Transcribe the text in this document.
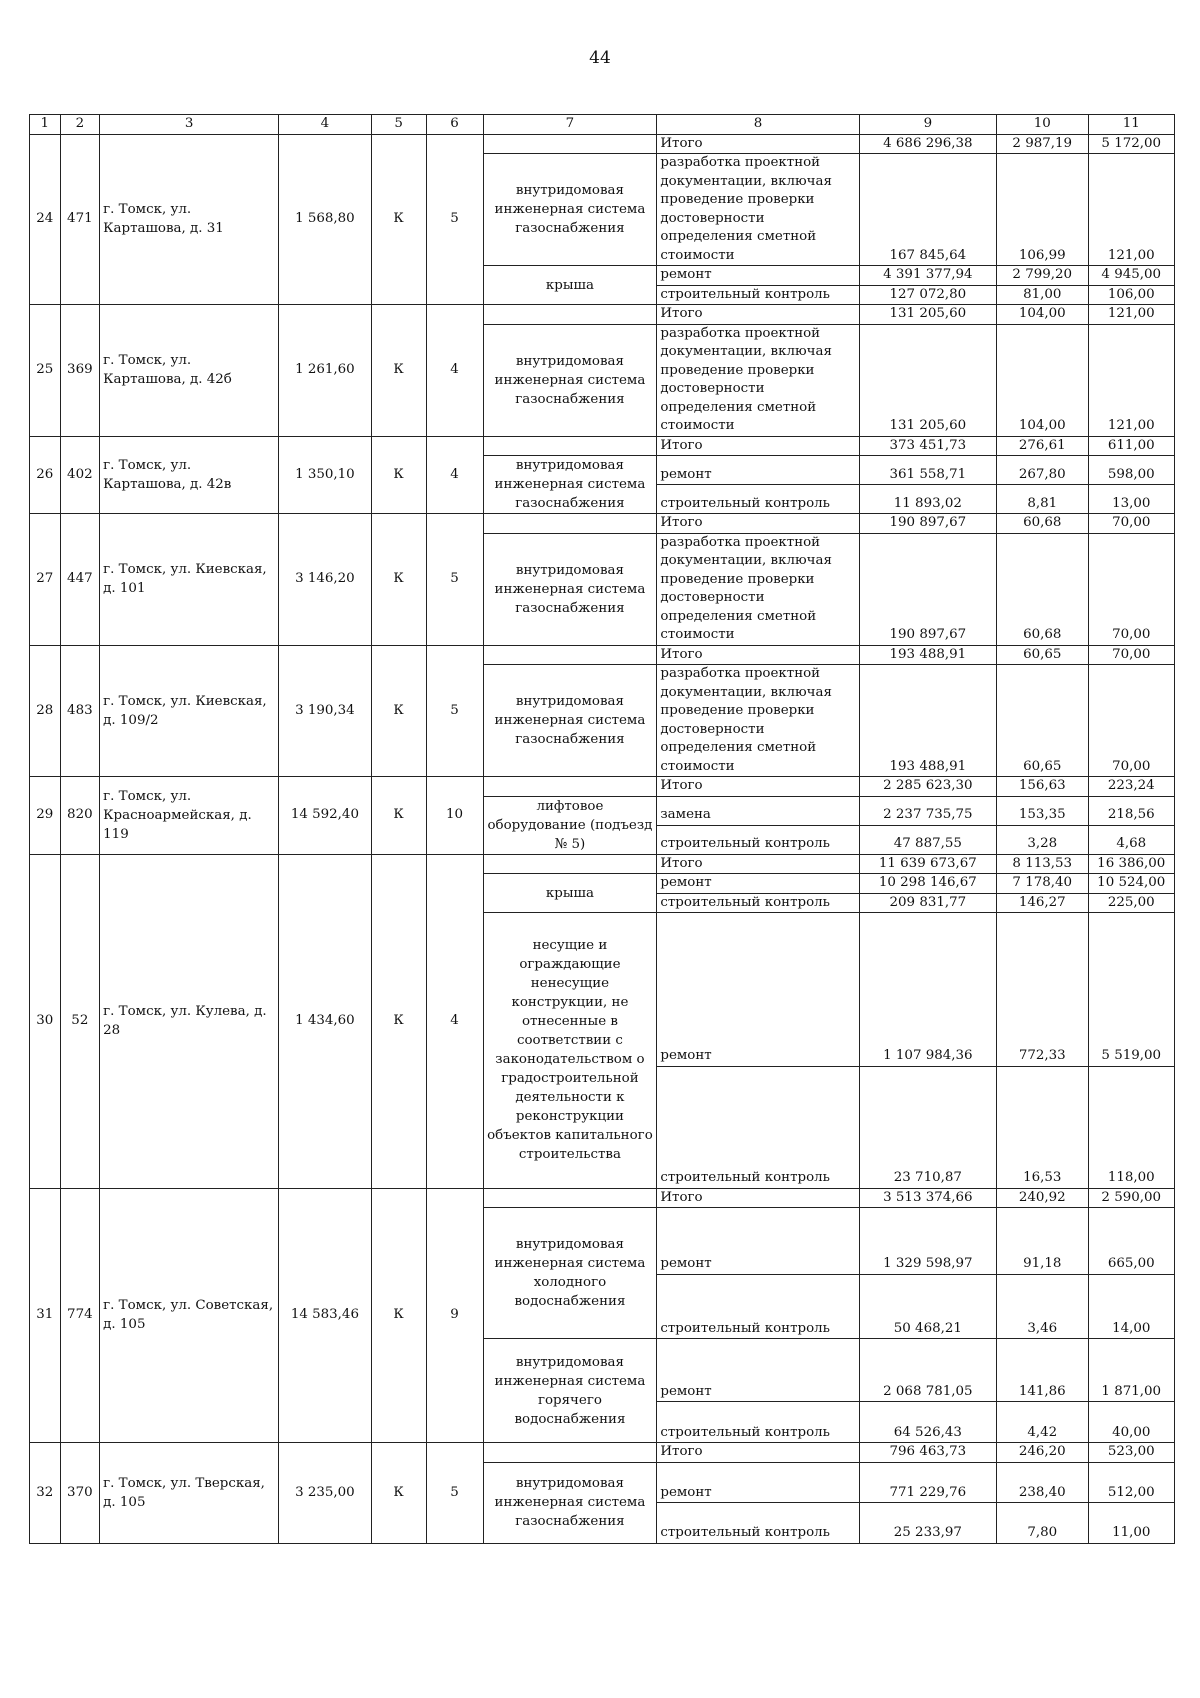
44
1	2	3	4	5	6	7	8	9	10	11
24	471	г. Томск, ул. Карташова, д. 31	1 568,80	К	5		Итого	4 686 296,38	2 987,19	5 172,00
						внутридомовая инженерная система газоснабжения	разработка проектной документации, включая проведение проверки достоверности определения сметной стоимости	167 845,64	106,99	121,00
						крыша	ремонт	4 391 377,94	2 799,20	4 945,00
							строительный контроль	127 072,80	81,00	106,00
25	369	г. Томск, ул. Карташова, д. 42б	1 261,60	К	4		Итого	131 205,60	104,00	121,00
						внутридомовая инженерная система газоснабжения	разработка проектной документации, включая проведение проверки достоверности определения сметной стоимости	131 205,60	104,00	121,00
26	402	г. Томск, ул. Карташова, д. 42в	1 350,10	К	4		Итого	373 451,73	276,61	611,00
						внутридомовая инженерная система газоснабжения	ремонт	361 558,71	267,80	598,00
							строительный контроль	11 893,02	8,81	13,00
27	447	г. Томск, ул. Киевская, д. 101	3 146,20	К	5		Итого	190 897,67	60,68	70,00
						внутридомовая инженерная система газоснабжения	разработка проектной документации, включая проведение проверки достоверности определения сметной стоимости	190 897,67	60,68	70,00
28	483	г. Томск, ул. Киевская, д. 109/2	3 190,34	К	5		Итого	193 488,91	60,65	70,00
						внутридомовая инженерная система газоснабжения	разработка проектной документации, включая проведение проверки достоверности определения сметной стоимости	193 488,91	60,65	70,00
29	820	г. Томск, ул. Красноармейская, д. 119	14 592,40	К	10		Итого	2 285 623,30	156,63	223,24
						лифтовое оборудование (подъезд № 5)	замена	2 237 735,75	153,35	218,56
							строительный контроль	47 887,55	3,28	4,68
30	52	г. Томск, ул. Кулева, д. 28	1 434,60	К	4		Итого	11 639 673,67	8 113,53	16 386,00
						крыша	ремонт	10 298 146,67	7 178,40	10 524,00
							строительный контроль	209 831,77	146,27	225,00
						несущие и ограждающие ненесущие конструкции, не отнесенные в соответствии с законодательством о градостроительной деятельности к реконструкции объектов капитального строительства	ремонт	1 107 984,36	772,33	5 519,00
							строительный контроль	23 710,87	16,53	118,00
31	774	г. Томск, ул. Советская, д. 105	14 583,46	К	9		Итого	3 513 374,66	240,92	2 590,00
						внутридомовая инженерная система холодного водоснабжения	ремонт	1 329 598,97	91,18	665,00
							строительный контроль	50 468,21	3,46	14,00
						внутридомовая инженерная система горячего водоснабжения	ремонт	2 068 781,05	141,86	1 871,00
							строительный контроль	64 526,43	4,42	40,00
32	370	г. Томск, ул. Тверская, д. 105	3 235,00	К	5		Итого	796 463,73	246,20	523,00
						внутридомовая инженерная система газоснабжения	ремонт	771 229,76	238,40	512,00
							строительный контроль	25 233,97	7,80	11,00
